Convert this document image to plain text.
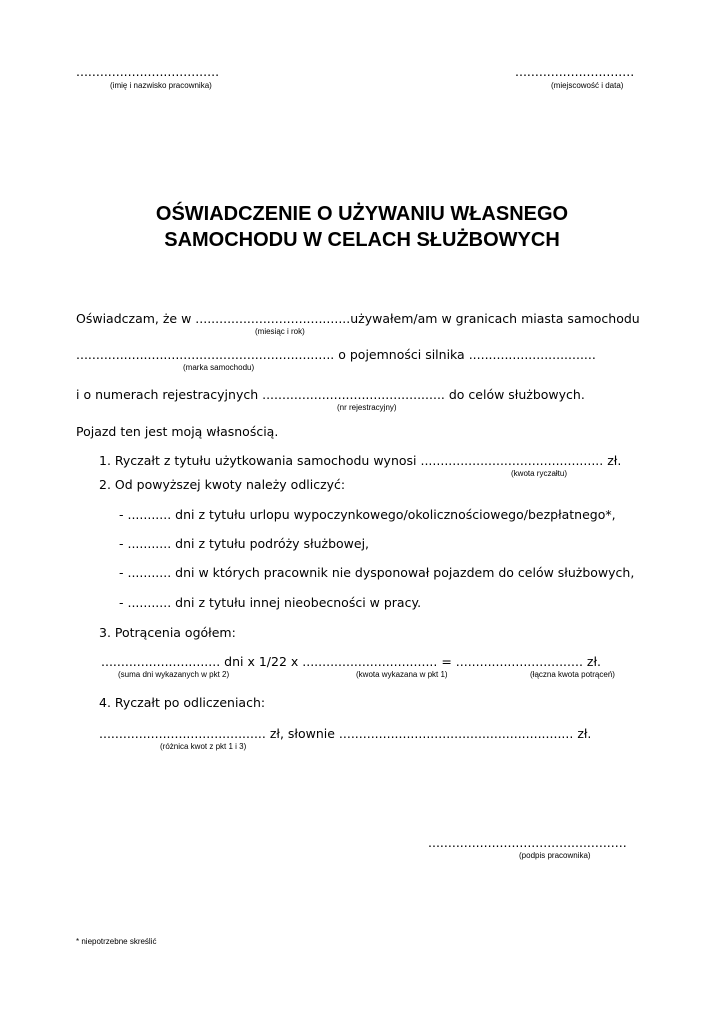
....................................
(imię i nazwisko pracownika)
..............................
(miejscowość i data)
OŚWIADCZENIE O UŻYWANIU WŁASNEGO
SAMOCHODU W CELACH SŁUŻBOWYCH
Oświadczam, że w .......................................używałem/am w granicach miasta samochodu
(miesiąc i rok)
................................................................. o pojemności silnika ................................
(marka samochodu)
i o numerach rejestracyjnych .............................................. do celów służbowych.
(nr rejestracyjny)
Pojazd ten jest moją własnością.
1. Ryczałt z tytułu użytkowania samochodu wynosi .............................................. zł.
(kwota ryczałtu)
2. Od powyższej kwoty należy odliczyć:
- ........... dni z tytułu urlopu wypoczynkowego/okolicznościowego/bezpłatnego*,
- ........... dni z tytułu podróży służbowej,
- ........... dni w których pracownik nie dysponował pojazdem do celów służbowych,
- ........... dni z tytułu innej nieobecności w pracy.
3. Potrącenia ogółem:
.............................. dni x 1/22 x .................................. = ................................ zł.
(suma dni wykazanych w pkt 2)	(kwota wykazana w pkt 1)	(łączna kwota potrąceń)
4. Ryczałt po odliczeniach:
.......................................... zł, słownie ........................................................... zł.
(różnica kwot z pkt 1 i 3)
..................................................
(podpis pracownika)
* niepotrzebne skreślić
